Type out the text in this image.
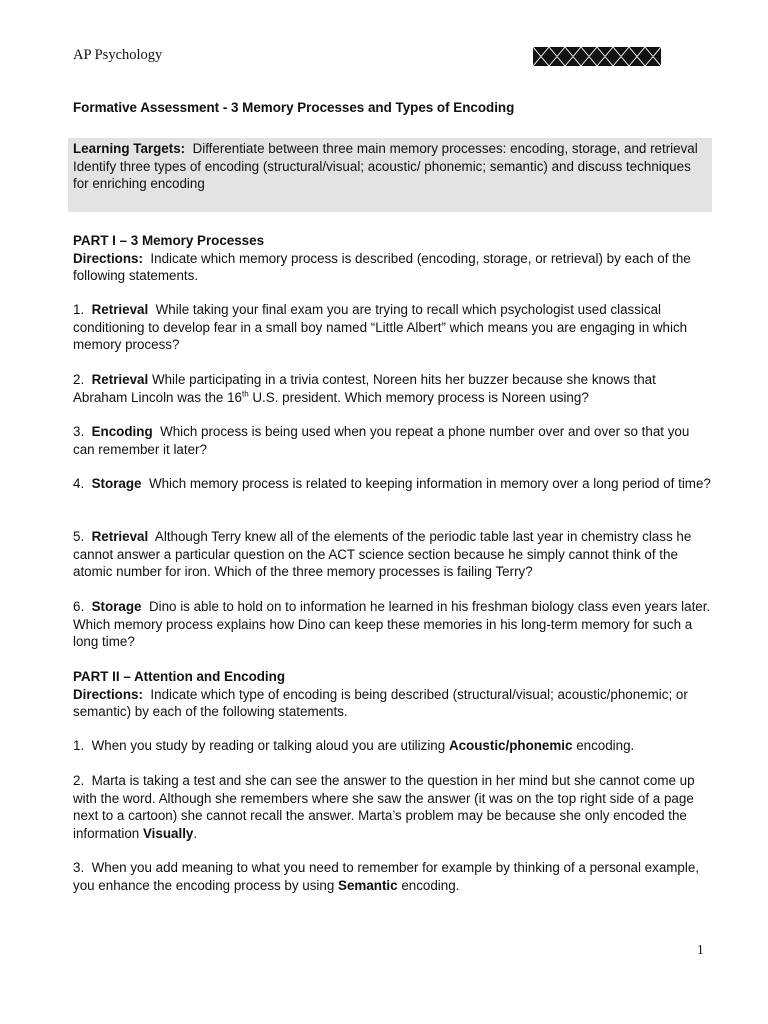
AP Psychology
Formative Assessment - 3 Memory Processes and Types of Encoding
Learning Targets: Differentiate between three main memory processes: encoding, storage, and retrieval
Identify three types of encoding (structural/visual; acoustic/ phonemic; semantic) and discuss techniques for enriching encoding
PART I – 3 Memory Processes
Directions: Indicate which memory process is described (encoding, storage, or retrieval) by each of the following statements.
1. Retrieval While taking your final exam you are trying to recall which psychologist used classical conditioning to develop fear in a small boy named “Little Albert” which means you are engaging in which memory process?
2. Retrieval While participating in a trivia contest, Noreen hits her buzzer because she knows that Abraham Lincoln was the 16th U.S. president. Which memory process is Noreen using?
3. Encoding Which process is being used when you repeat a phone number over and over so that you can remember it later?
4. Storage Which memory process is related to keeping information in memory over a long period of time?
5. Retrieval Although Terry knew all of the elements of the periodic table last year in chemistry class he cannot answer a particular question on the ACT science section because he simply cannot think of the atomic number for iron. Which of the three memory processes is failing Terry?
6. Storage Dino is able to hold on to information he learned in his freshman biology class even years later. Which memory process explains how Dino can keep these memories in his long-term memory for such a long time?
PART II – Attention and Encoding
Directions: Indicate which type of encoding is being described (structural/visual; acoustic/phonemic; or semantic) by each of the following statements.
1. When you study by reading or talking aloud you are utilizing Acoustic/phonemic encoding.
2. Marta is taking a test and she can see the answer to the question in her mind but she cannot come up with the word. Although she remembers where she saw the answer (it was on the top right side of a page next to a cartoon) she cannot recall the answer. Marta’s problem may be because she only encoded the information Visually.
3. When you add meaning to what you need to remember for example by thinking of a personal example, you enhance the encoding process by using Semantic encoding.
1
